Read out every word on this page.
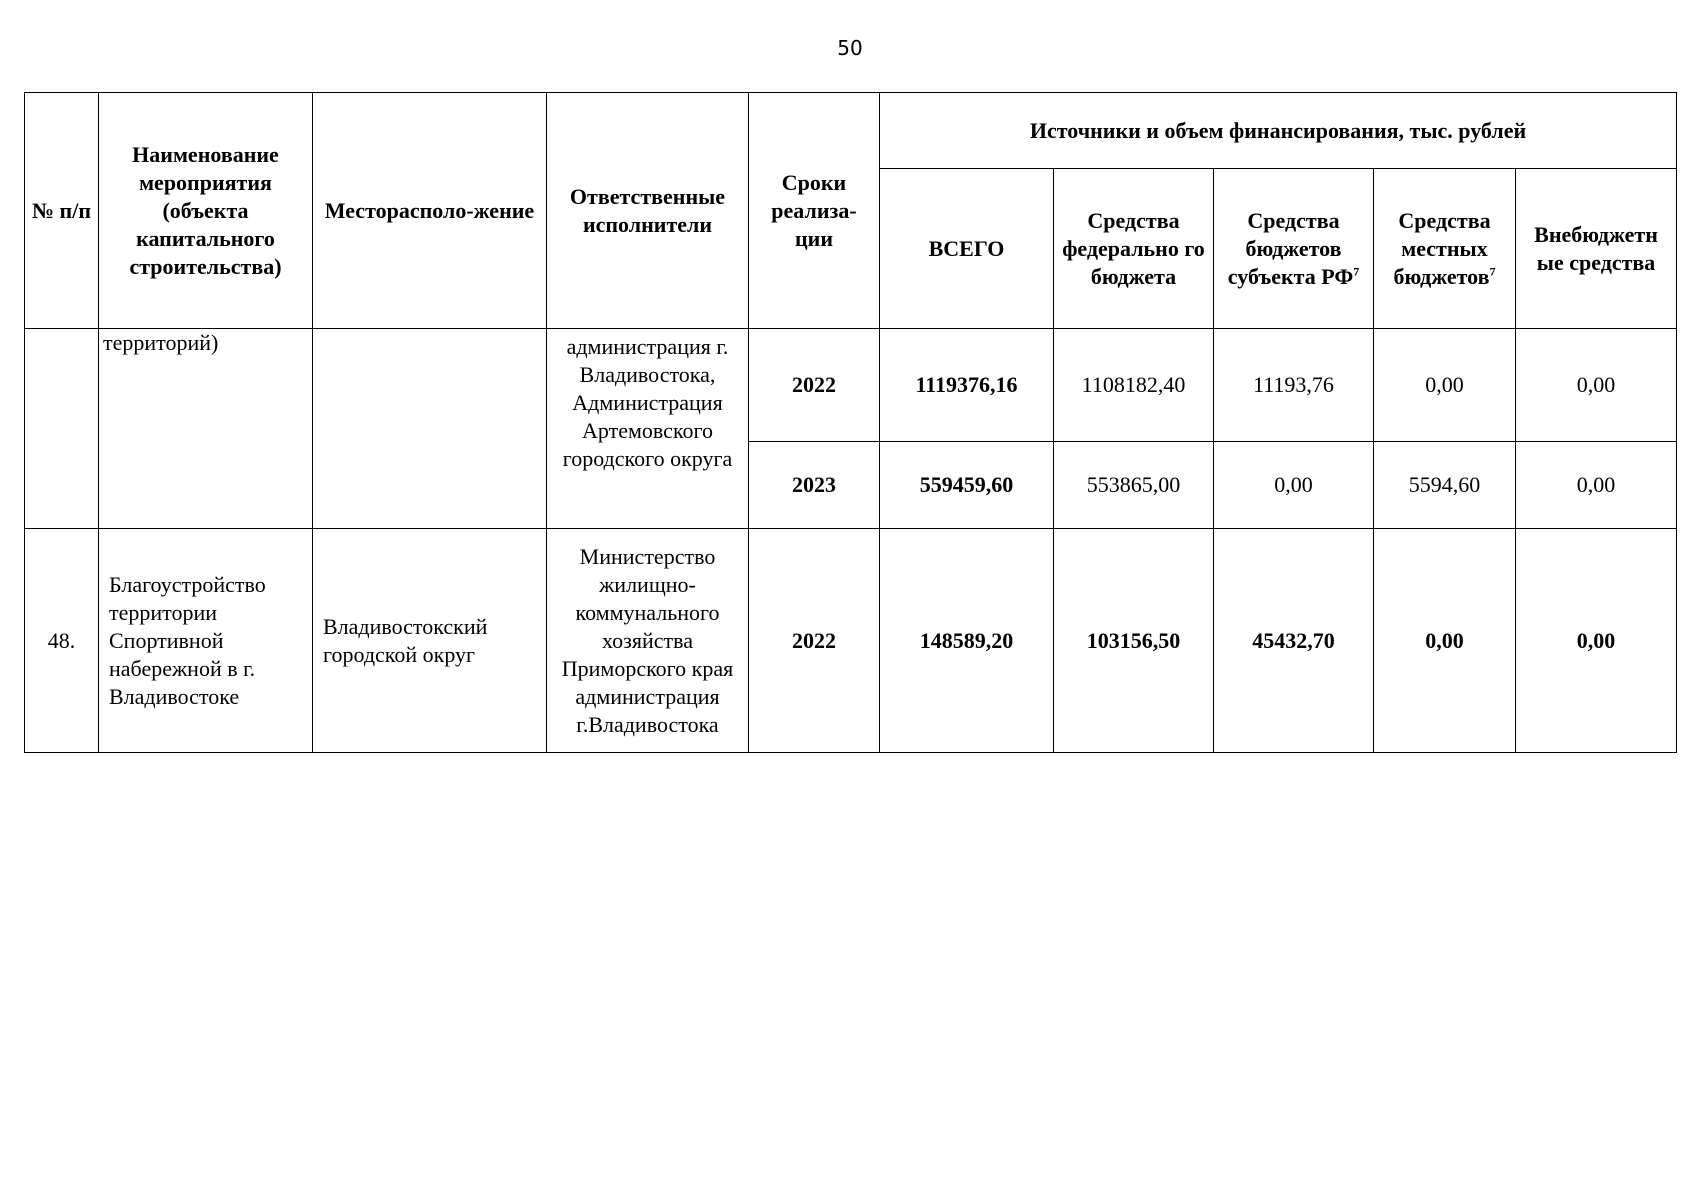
50
№ п/п	Наименование мероприятия (объекта капитального строительства)	Месторасполо-жение	Ответственные исполнители	Сроки реализа-ции	Источники и объем финансирования, тыс. рублей				
					ВСЕГО	Средства федерально го бюджета	Средства бюджетов субъекта $РФ^7$	Средства местных бюджетов$^7$	Внебюджетн ые средства
	территорий)		администрация г. Владивостока, Администрация Артемовского городского округа	2022	1119376,16	1108182,40	11193,76	0,00	0,00
				2023	559459,60	553865,00	0,00	5594,60	0,00
48.	Благоустройство территории Спортивной набережной в г. Владивостоке	Владивостокский городской округ	Министерство жилищно-коммунального хозяйства Приморского края администрация г.Владивостока	2022	148589,20	103156,50	45432,70	0,00	0,00
